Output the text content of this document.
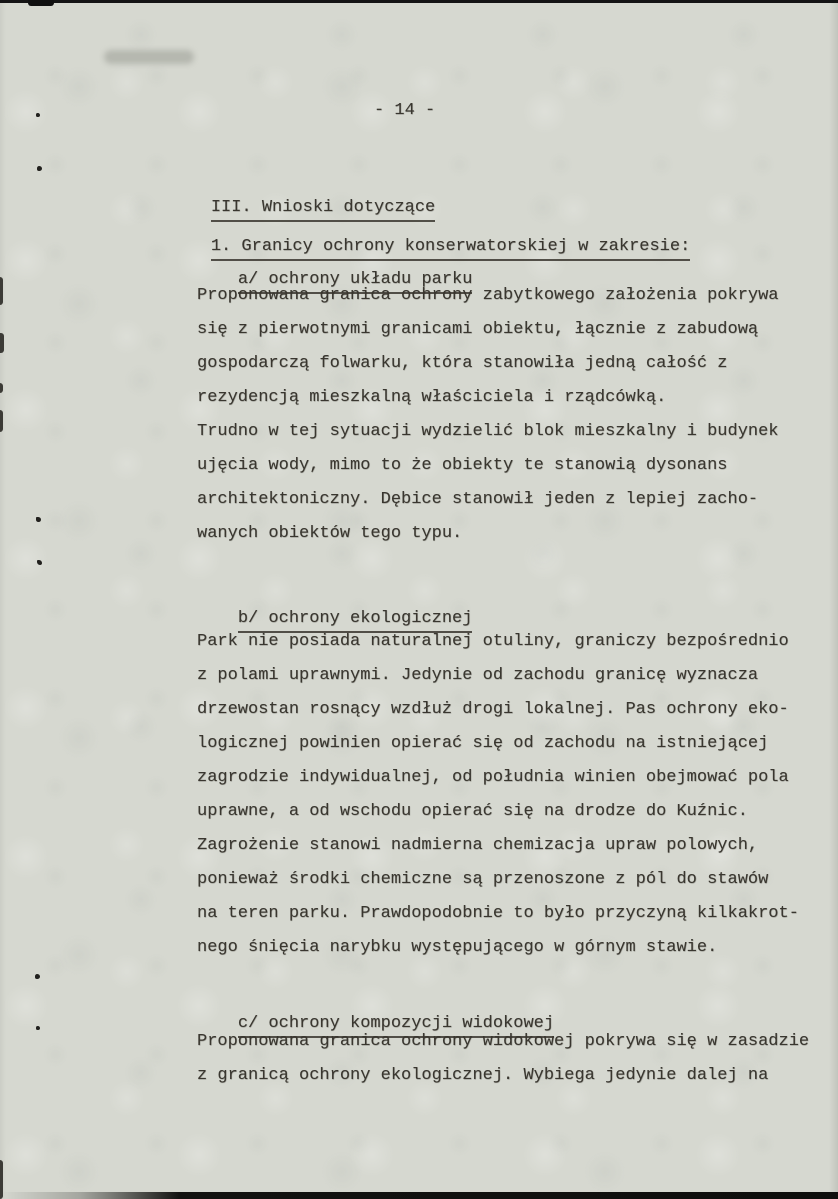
- 14 -

III. Wnioski dotyczące

1. Granicy ochrony konserwatorskiej w zakresie:

a/ ochrony układu parku

Proponowana granica ochrony zabytkowego założenia pokrywa
się z pierwotnymi granicami obiektu, łącznie z zabudową
gospodarczą folwarku, która stanowiła jedną całość z
rezydencją mieszkalną właściciela i rządcówką.
Trudno w tej sytuacji wydzielić blok mieszkalny i budynek
ujęcia wody, mimo to że obiekty te stanowią dysonans
architektoniczny. Dębice stanowił jeden z lepiej zacho-
wanych obiektów tego typu.

b/ ochrony ekologicznej

Park nie posiada naturalnej otuliny, graniczy bezpośrednio
z polami uprawnymi. Jedynie od zachodu granicę wyznacza
drzewostan rosnący wzdłuż drogi lokalnej. Pas ochrony eko-
logicznej powinien opierać się od zachodu na istniejącej
zagrodzie indywidualnej, od południa winien obejmować pola
uprawne, a od wschodu opierać się na drodze do Kuźnic.
Zagrożenie stanowi nadmierna chemizacja upraw polowych,
ponieważ środki chemiczne są przenoszone z pól do stawów
na teren parku. Prawdopodobnie to było przyczyną kilkakrot-
nego śnięcia narybku występującego w górnym stawie.

c/ ochrony kompozycji widokowej

Proponowana granica ochrony widokowej pokrywa się w zasadzie
z granicą ochrony ekologicznej. Wybiega jedynie dalej na
